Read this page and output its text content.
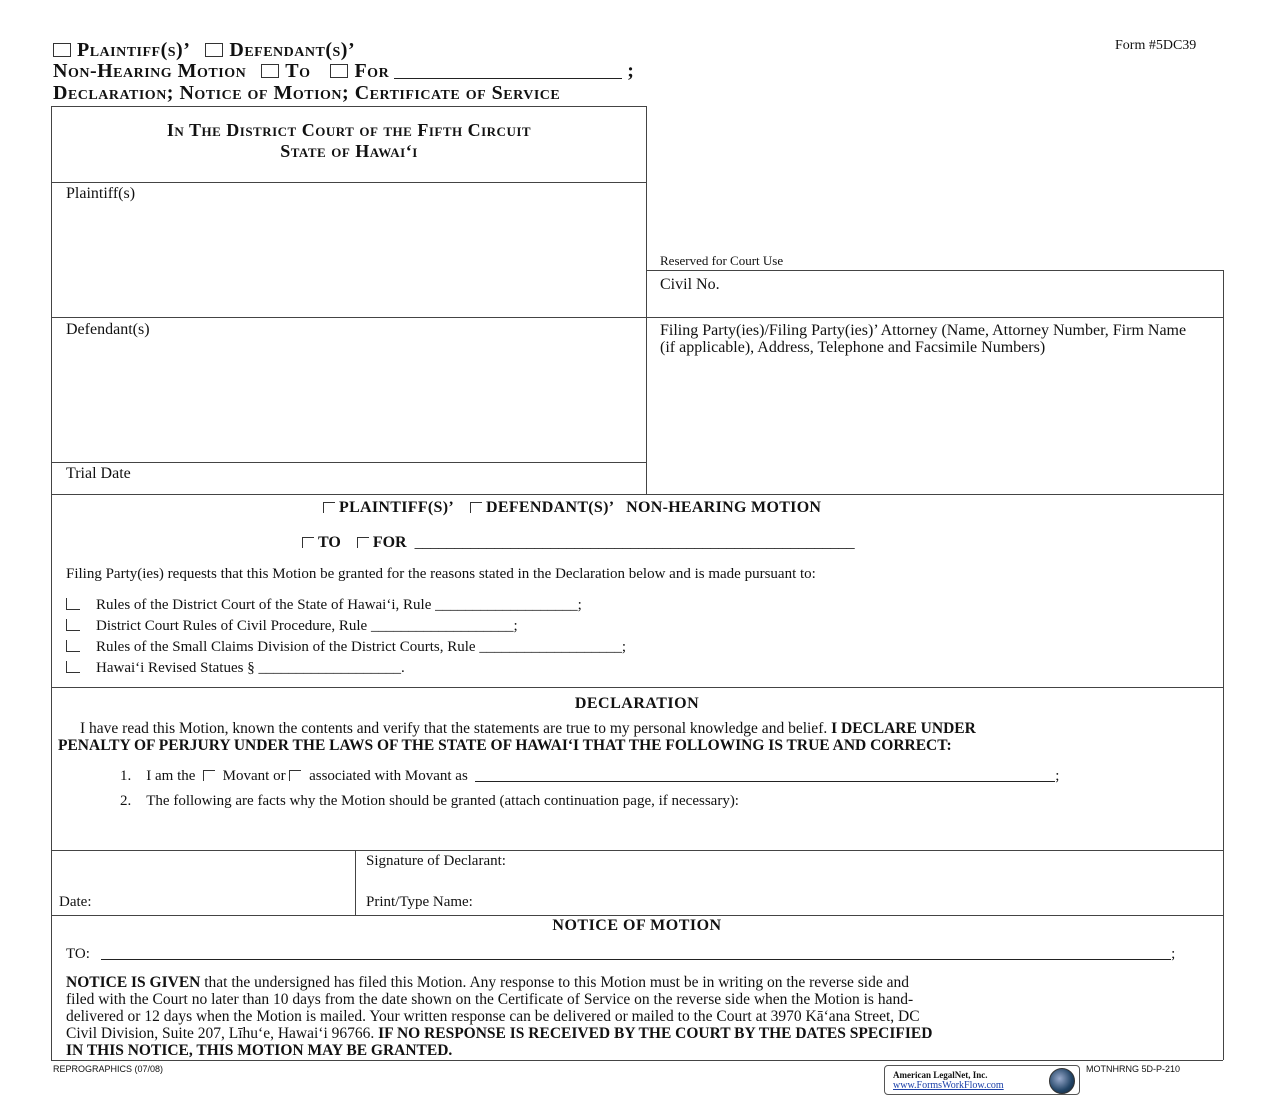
Plaintiff(s)’ Defendant(s)’
Non-Hearing Motion To For	;
Declaration; Notice of Motion; Certificate of Service
Form #5DC39
In The District Court of the Fifth Circuit
State of Hawai‘i
Plaintiff(s)
Defendant(s)
Trial Date
Reserved for Court Use
Civil No.
Filing Party(ies)/Filing Party(ies)’ Attorney (Name, Attorney Number, Firm Name (if applicable), Address, Telephone and Facsimile Numbers)
PLAINTIFF(S)’ DEFENDANT(S)’ NON-HEARING MOTION
TO FOR _______________________________________________________
Filing Party(ies) requests that this Motion be granted for the reasons stated in the Declaration below and is made pursuant to:
Rules of the District Court of the State of Hawai‘i, Rule ___________________;
District Court Rules of Civil Procedure, Rule ___________________;
Rules of the Small Claims Division of the District Courts, Rule ___________________;
Hawai‘i Revised Statues § ___________________.
DECLARATION
I have read this Motion, known the contents and verify that the statements are true to my personal knowledge and belief. I DECLARE UNDER
PENALTY OF PERJURY UNDER THE LAWS OF THE STATE OF HAWAI‘I THAT THE FOLLOWING IS TRUE AND CORRECT:
1. I am the Movant or associated with Movant as	;
2. The following are facts why the Motion should be granted (attach continuation page, if necessary):
Date:
Signature of Declarant:
Print/Type Name:
NOTICE OF MOTION
TO:	;
NOTICE IS GIVEN that the undersigned has filed this Motion. Any response to this Motion must be in writing on the reverse side and
filed with the Court no later than 10 days from the date shown on the Certificate of Service on the reverse side when the Motion is hand-
delivered or 12 days when the Motion is mailed. Your written response can be delivered or mailed to the Court at 3970 Kāʻana Street, DC
Civil Division, Suite 207, Līhuʻe, Hawaiʻi 96766. IF NO RESPONSE IS RECEIVED BY THE COURT BY THE DATES SPECIFIED
IN THIS NOTICE, THIS MOTION MAY BE GRANTED.
REPROGRAPHICS (07/08)
American LegalNet, Inc.
www.FormsWorkFlow.com
MOTNHRNG 5D-P-210
